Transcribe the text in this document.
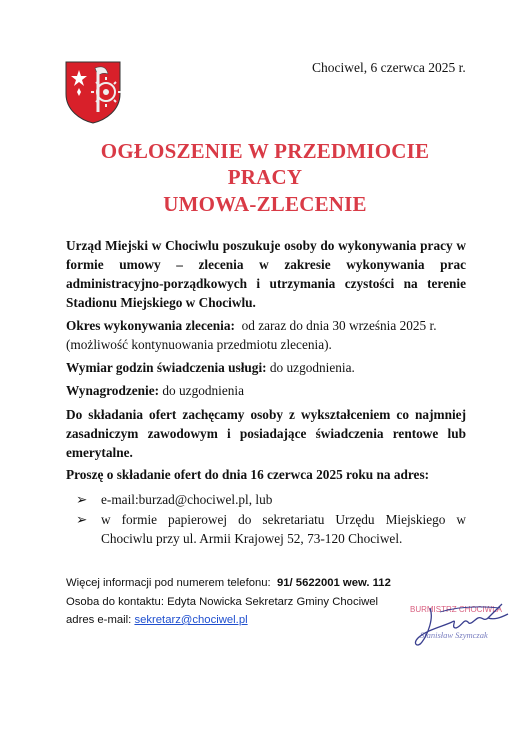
Chociwel, 6 czerwca 2025 r.
OGŁOSZENIE W PRZEDMIOCIE
PRACY
UMOWA-ZLECENIE
Urząd Miejski w Chociwlu poszukuje osoby do wykonywania pracy w formie umowy – zlecenia w zakresie wykonywania prac administracyjno-porządkowych i utrzymania czystości na terenie Stadionu Miejskiego w Chociwlu.
Okres wykonywania zlecenia:  od zaraz do dnia 30 września 2025 r.
(możliwość kontynuowania przedmiotu zlecenia).
Wymiar godzin świadczenia usługi: do uzgodnienia.
Wynagrodzenie: do uzgodnienia
Do składania ofert zachęcamy osoby z wykształceniem co najmniej zasadniczym zawodowym i posiadające świadczenia rentowe lub emerytalne.
Proszę o składanie ofert do dnia 16 czerwca 2025 roku na adres:
➢ e-mail:burzad@chociwel.pl, lub
➢ w formie papierowej do sekretariatu Urzędu Miejskiego w Chociwlu przy ul. Armii Krajowej 52, 73-120 Chociwel.
Więcej informacji pod numerem telefonu:  91/ 5622001 wew. 112
Osoba do kontaktu: Edyta Nowicka Sekretarz Gminy Chociwel
adres e-mail: sekretarz@chociwel.pl
BURMISTRZ CHOCIWLA
Stanisław Szymczak
